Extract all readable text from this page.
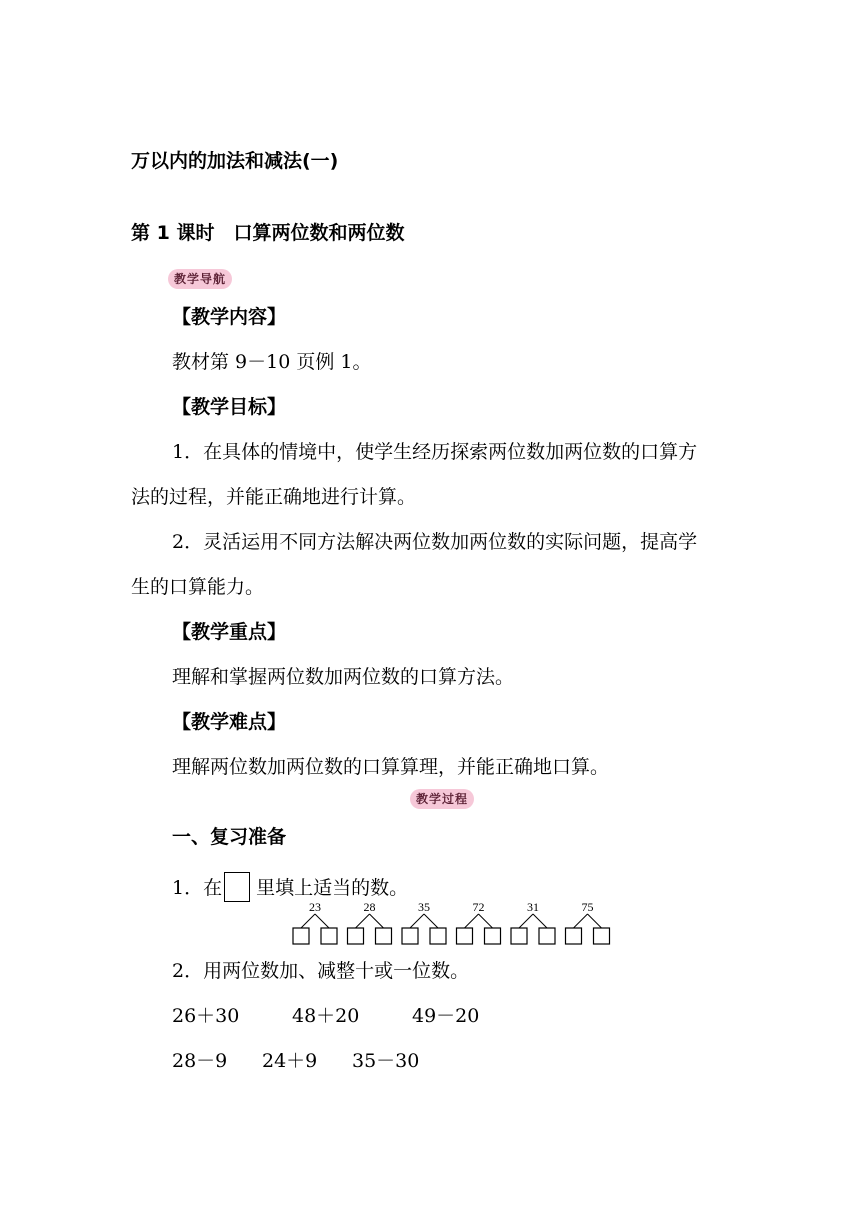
万以内的加法和减法(一)
第 1 课时　口算两位数和两位数
教学导航
【教学内容】
教材第 9－10 页例 1。
【教学目标】
1．在具体的情境中，使学生经历探索两位数加两位数的口算方
法的过程，并能正确地进行计算。
2．灵活运用不同方法解决两位数加两位数的实际问题，提高学
生的口算能力。
【教学重点】
理解和掌握两位数加两位数的口算方法。
【教学难点】
理解两位数加两位数的口算算理，并能正确地口算。
教学过程
一、复习准备
1．在 里填上适当的数。
23	28	35	72	31	75
2．用两位数加、减整十或一位数。
26＋30	48＋20	49－20
28－9 24＋9 35－30
